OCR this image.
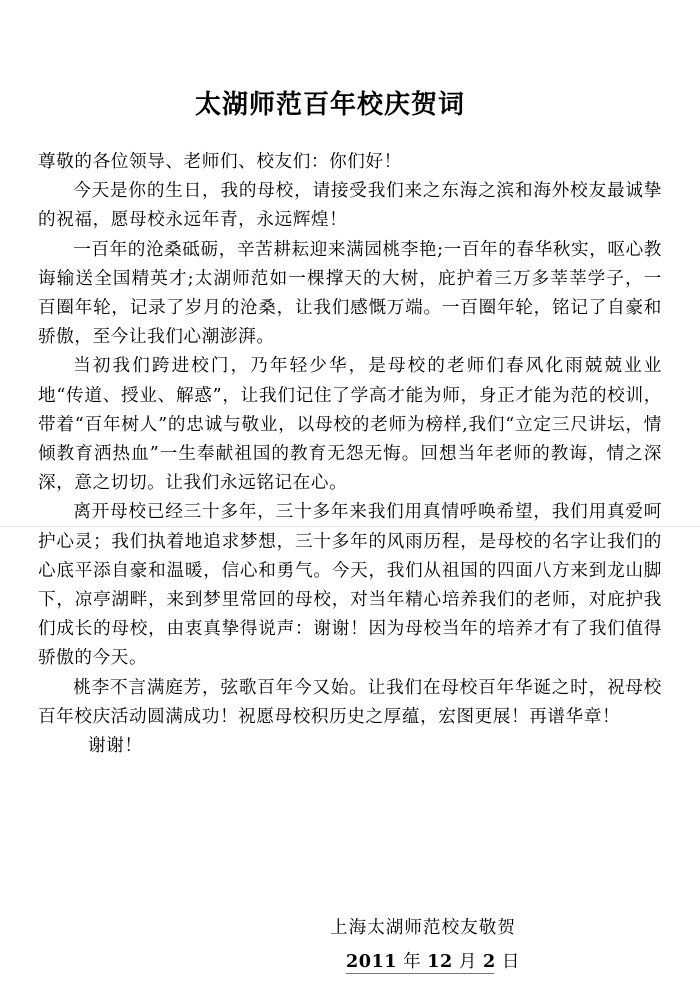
太湖师范百年校庆贺词

尊敬的各位领导、老师们、校友们：你们好！

今天是你的生日，我的母校，请接受我们来之东海之滨和海外校友最诚挚的祝福，愿母校永远年青，永远辉煌！

一百年的沧桑砥砺，辛苦耕耘迎来满园桃李艳;一百年的春华秋实，呕心教诲输送全国精英才;太湖师范如一棵撑天的大树，庇护着三万多莘莘学子，一百圈年轮，记录了岁月的沧桑，让我们感慨万端。一百圈年轮，铭记了自豪和骄傲，至今让我们心潮澎湃。

当初我们跨进校门，乃年轻少华，是母校的老师们春风化雨兢兢业业地“传道、授业、解惑”，让我们记住了学高才能为师，身正才能为范的校训，带着“百年树人”的忠诚与敬业，以母校的老师为榜样,我们“立定三尺讲坛，情倾教育洒热血”一生奉献祖国的教育无怨无悔。回想当年老师的教诲，情之深深，意之切切。让我们永远铭记在心。

离开母校已经三十多年，三十多年来我们用真情呼唤希望，我们用真爱呵护心灵；我们执着地追求梦想，三十多年的风雨历程，是母校的名字让我们的心底平添自豪和温暖，信心和勇气。今天，我们从祖国的四面八方来到龙山脚下，凉亭湖畔，来到梦里常回的母校，对当年精心培养我们的老师，对庇护我们成长的母校，由衷真挚得说声：谢谢！因为母校当年的培养才有了我们值得骄傲的今天。

桃李不言满庭芳，弦歌百年今又始。让我们在母校百年华诞之时，祝母校百年校庆活动圆满成功！祝愿母校积历史之厚蕴，宏图更展！再谱华章！

谢谢！

上海太湖师范校友敬贺

2011 年 12 月 2 日
